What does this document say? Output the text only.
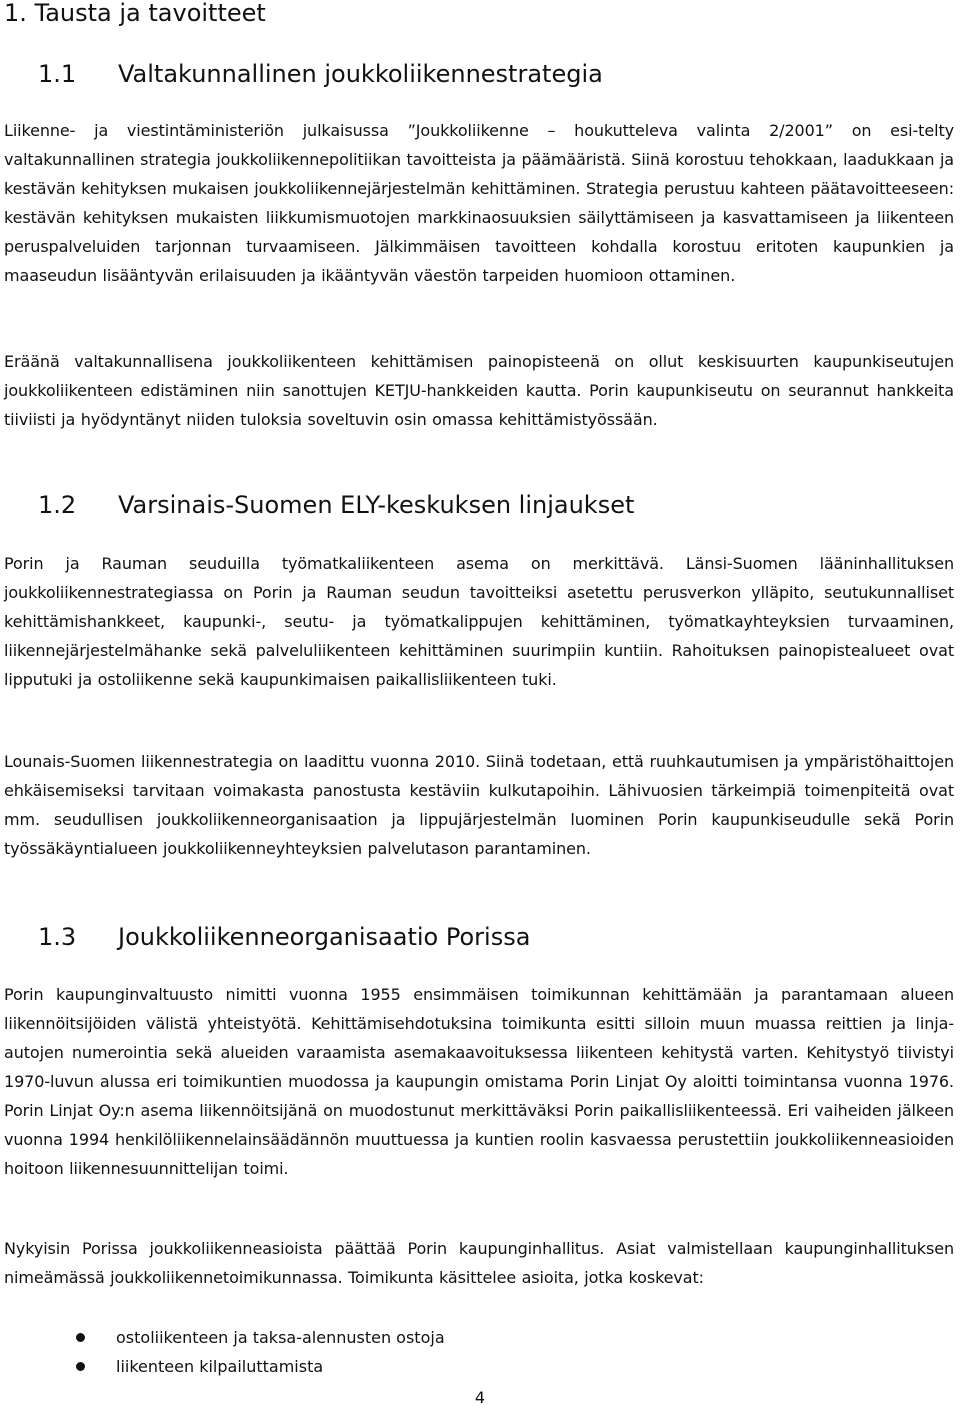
1. Tausta ja tavoitteet
1.1 Valtakunnallinen joukkoliikennestrategia

Liikenne- ja viestintäministeriön julkaisussa ”Joukkoliikenne – houkutteleva valinta 2/2001” on esi-telty valtakunnallinen strategia joukkoliikennepolitiikan tavoitteista ja päämääristä. Siinä korostuu tehokkaan, laadukkaan ja kestävän kehityksen mukaisen joukkoliikennejärjestelmän kehittäminen. Strategia perustuu kahteen päätavoitteeseen: kestävän kehityksen mukaisten liikkumismuotojen markkinaosuuksien säilyttämiseen ja kasvattamiseen ja liikenteen peruspalveluiden tarjonnan turvaamiseen. Jälkimmäisen tavoitteen kohdalla korostuu eritoten kaupunkien ja maaseudun lisääntyvän erilaisuuden ja ikääntyvän väestön tarpeiden huomioon ottaminen.

Eräänä valtakunnallisena joukkoliikenteen kehittämisen painopisteenä on ollut keskisuurten kaupunkiseutujen joukkoliikenteen edistäminen niin sanottujen KETJU-hankkeiden kautta. Porin kaupunkiseutu on seurannut hankkeita tiiviisti ja hyödyntänyt niiden tuloksia soveltuvin osin omassa kehittämistyössään.

1.2 Varsinais-Suomen ELY-keskuksen linjaukset

Porin ja Rauman seuduilla työmatkaliikenteen asema on merkittävä. Länsi-Suomen lääninhallituksen joukkoliikennestrategiassa on Porin ja Rauman seudun tavoitteiksi asetettu perusverkon ylläpito, seutukunnalliset kehittämishankkeet, kaupunki-, seutu- ja työmatkalippujen kehittäminen, työmatkayhteyksien turvaaminen, liikennejärjestelmähanke sekä palveluliikenteen kehittäminen suurimpiin kuntiin. Rahoituksen painopistealueet ovat lipputuki ja ostoliikenne sekä kaupunkimaisen paikallisliikenteen tuki.

Lounais-Suomen liikennestrategia on laadittu vuonna 2010. Siinä todetaan, että ruuhkautumisen ja ympäristöhaittojen ehkäisemiseksi tarvitaan voimakasta panostusta kestäviin kulkutapoihin. Lähivuosien tärkeimpiä toimenpiteitä ovat mm. seudullisen joukkoliikenneorganisaation ja lippujärjestelmän luominen Porin kaupunkiseudulle sekä Porin työssäkäyntialueen joukkoliikenneyhteyksien palvelutason parantaminen.

1.3 Joukkoliikenneorganisaatio Porissa

Porin kaupunginvaltuusto nimitti vuonna 1955 ensimmäisen toimikunnan kehittämään ja parantamaan alueen liikennöitsijöiden välistä yhteistyötä. Kehittämisehdotuksina toimikunta esitti silloin muun muassa reittien ja linja-autojen numerointia sekä alueiden varaamista asemakaavoituksessa liikenteen kehitystä varten. Kehitystyö tiivistyi 1970-luvun alussa eri toimikuntien muodossa ja kaupungin omistama Porin Linjat Oy aloitti toimintansa vuonna 1976. Porin Linjat Oy:n asema liikennöitsijänä on muodostunut merkittäväksi Porin paikallisliikenteessä. Eri vaiheiden jälkeen vuonna 1994 henkilöliikennelainsäädännön muuttuessa ja kuntien roolin kasvaessa perustettiin joukkoliikenneasioiden hoitoon liikennesuunnittelijan toimi.

Nykyisin Porissa joukkoliikenneasioista päättää Porin kaupunginhallitus. Asiat valmistellaan kaupunginhallituksen nimeämässä joukkoliikennetoimikunnassa. Toimikunta käsittelee asioita, jotka koskevat:

ostoliikenteen ja taksa-alennusten ostoja
liikenteen kilpailuttamista
4
